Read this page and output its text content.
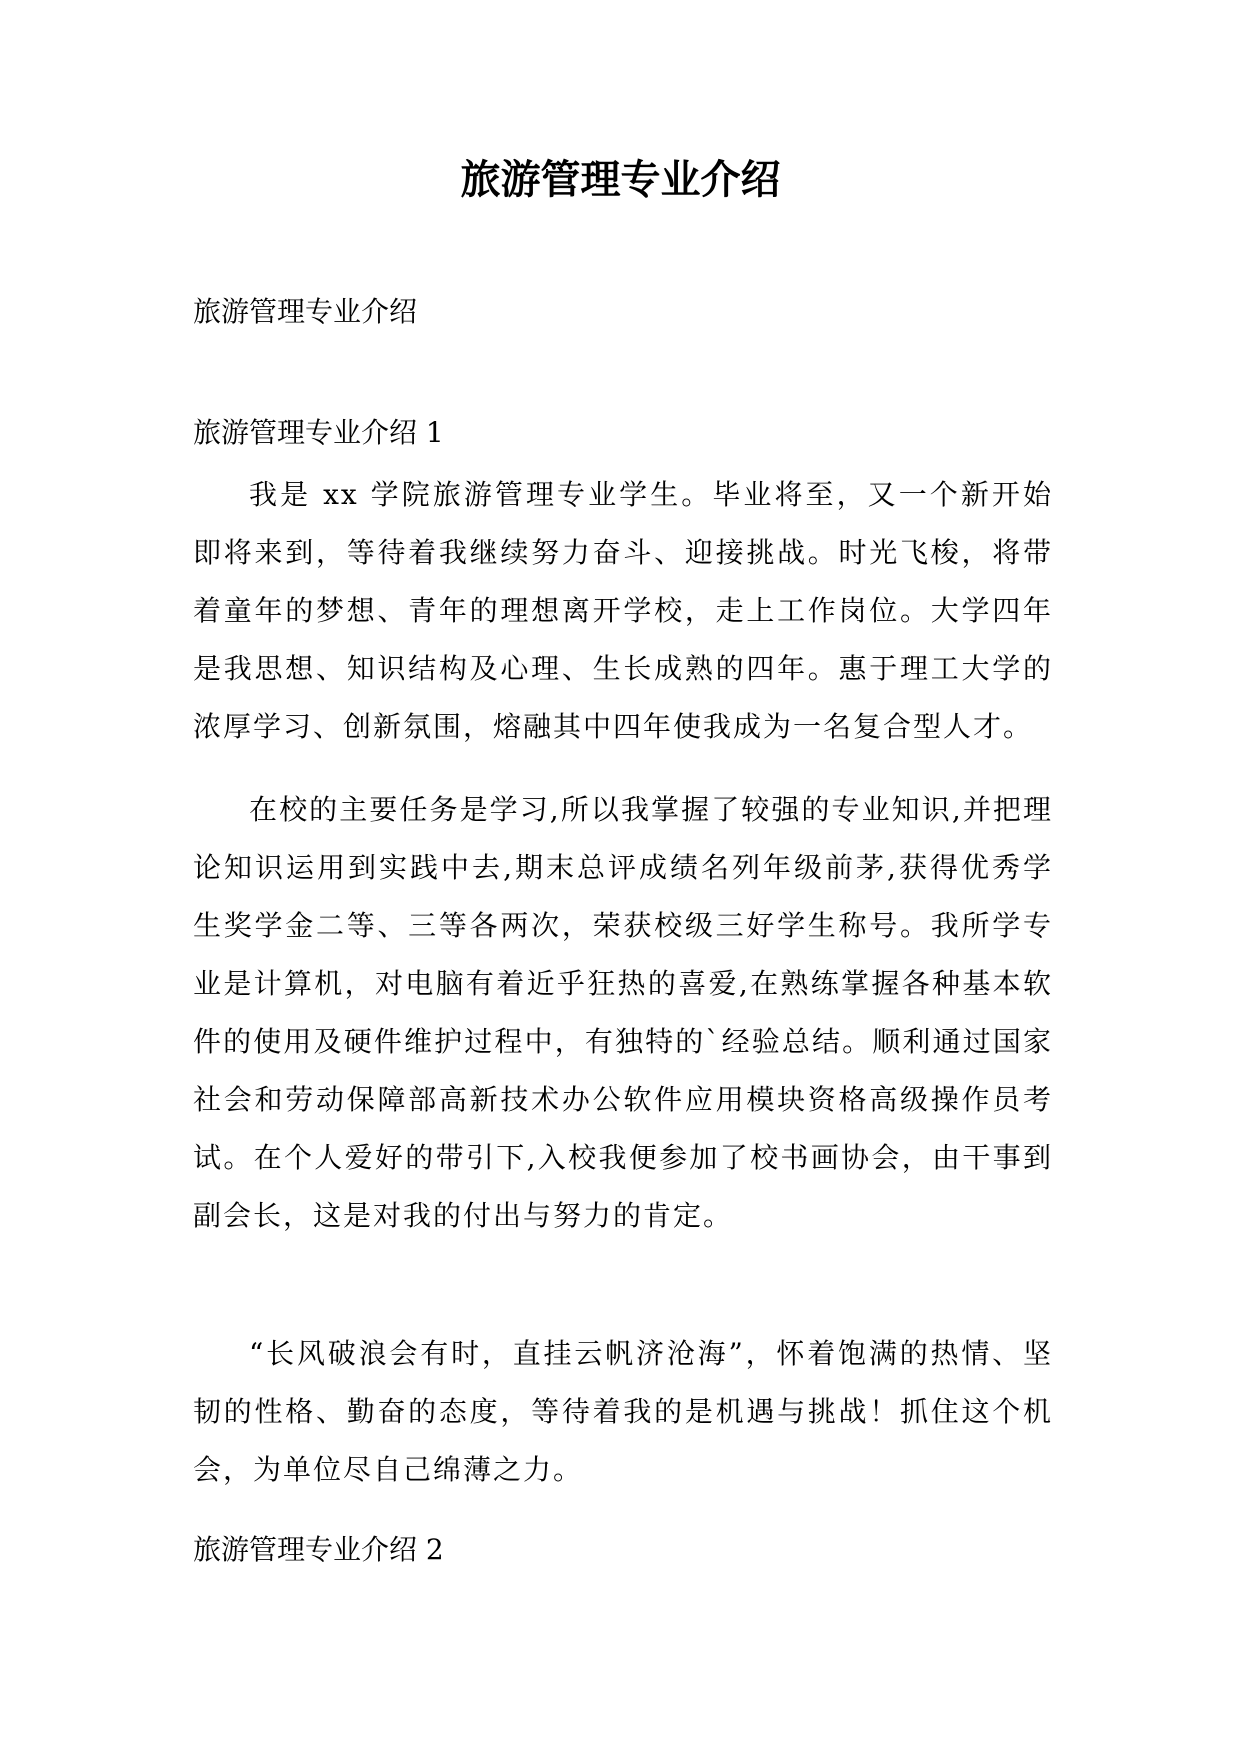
旅游管理专业介绍

旅游管理专业介绍

旅游管理专业介绍 1

我是 xx 学院旅游管理专业学生。毕业将至，又一个新开始即将来到，等待着我继续努力奋斗、迎接挑战。时光飞梭，将带着童年的梦想、青年的理想离开学校，走上工作岗位。大学四年是我思想、知识结构及心理、生长成熟的四年。惠于理工大学的浓厚学习、创新氛围，熔融其中四年使我成为一名复合型人才。

在校的主要任务是学习,所以我掌握了较强的专业知识,并把理论知识运用到实践中去,期末总评成绩名列年级前茅,获得优秀学生奖学金二等、三等各两次，荣获校级三好学生称号。我所学专业是计算机，对电脑有着近乎狂热的喜爱,在熟练掌握各种基本软件的使用及硬件维护过程中，有独特的`经验总结。顺利通过国家社会和劳动保障部高新技术办公软件应用模块资格高级操作员考试。在个人爱好的带引下,入校我便参加了校书画协会，由干事到副会长，这是对我的付出与努力的肯定。

“长风破浪会有时，直挂云帆济沧海”，怀着饱满的热情、坚韧的性格、勤奋的态度，等待着我的是机遇与挑战！抓住这个机会，为单位尽自己绵薄之力。

旅游管理专业介绍 2
